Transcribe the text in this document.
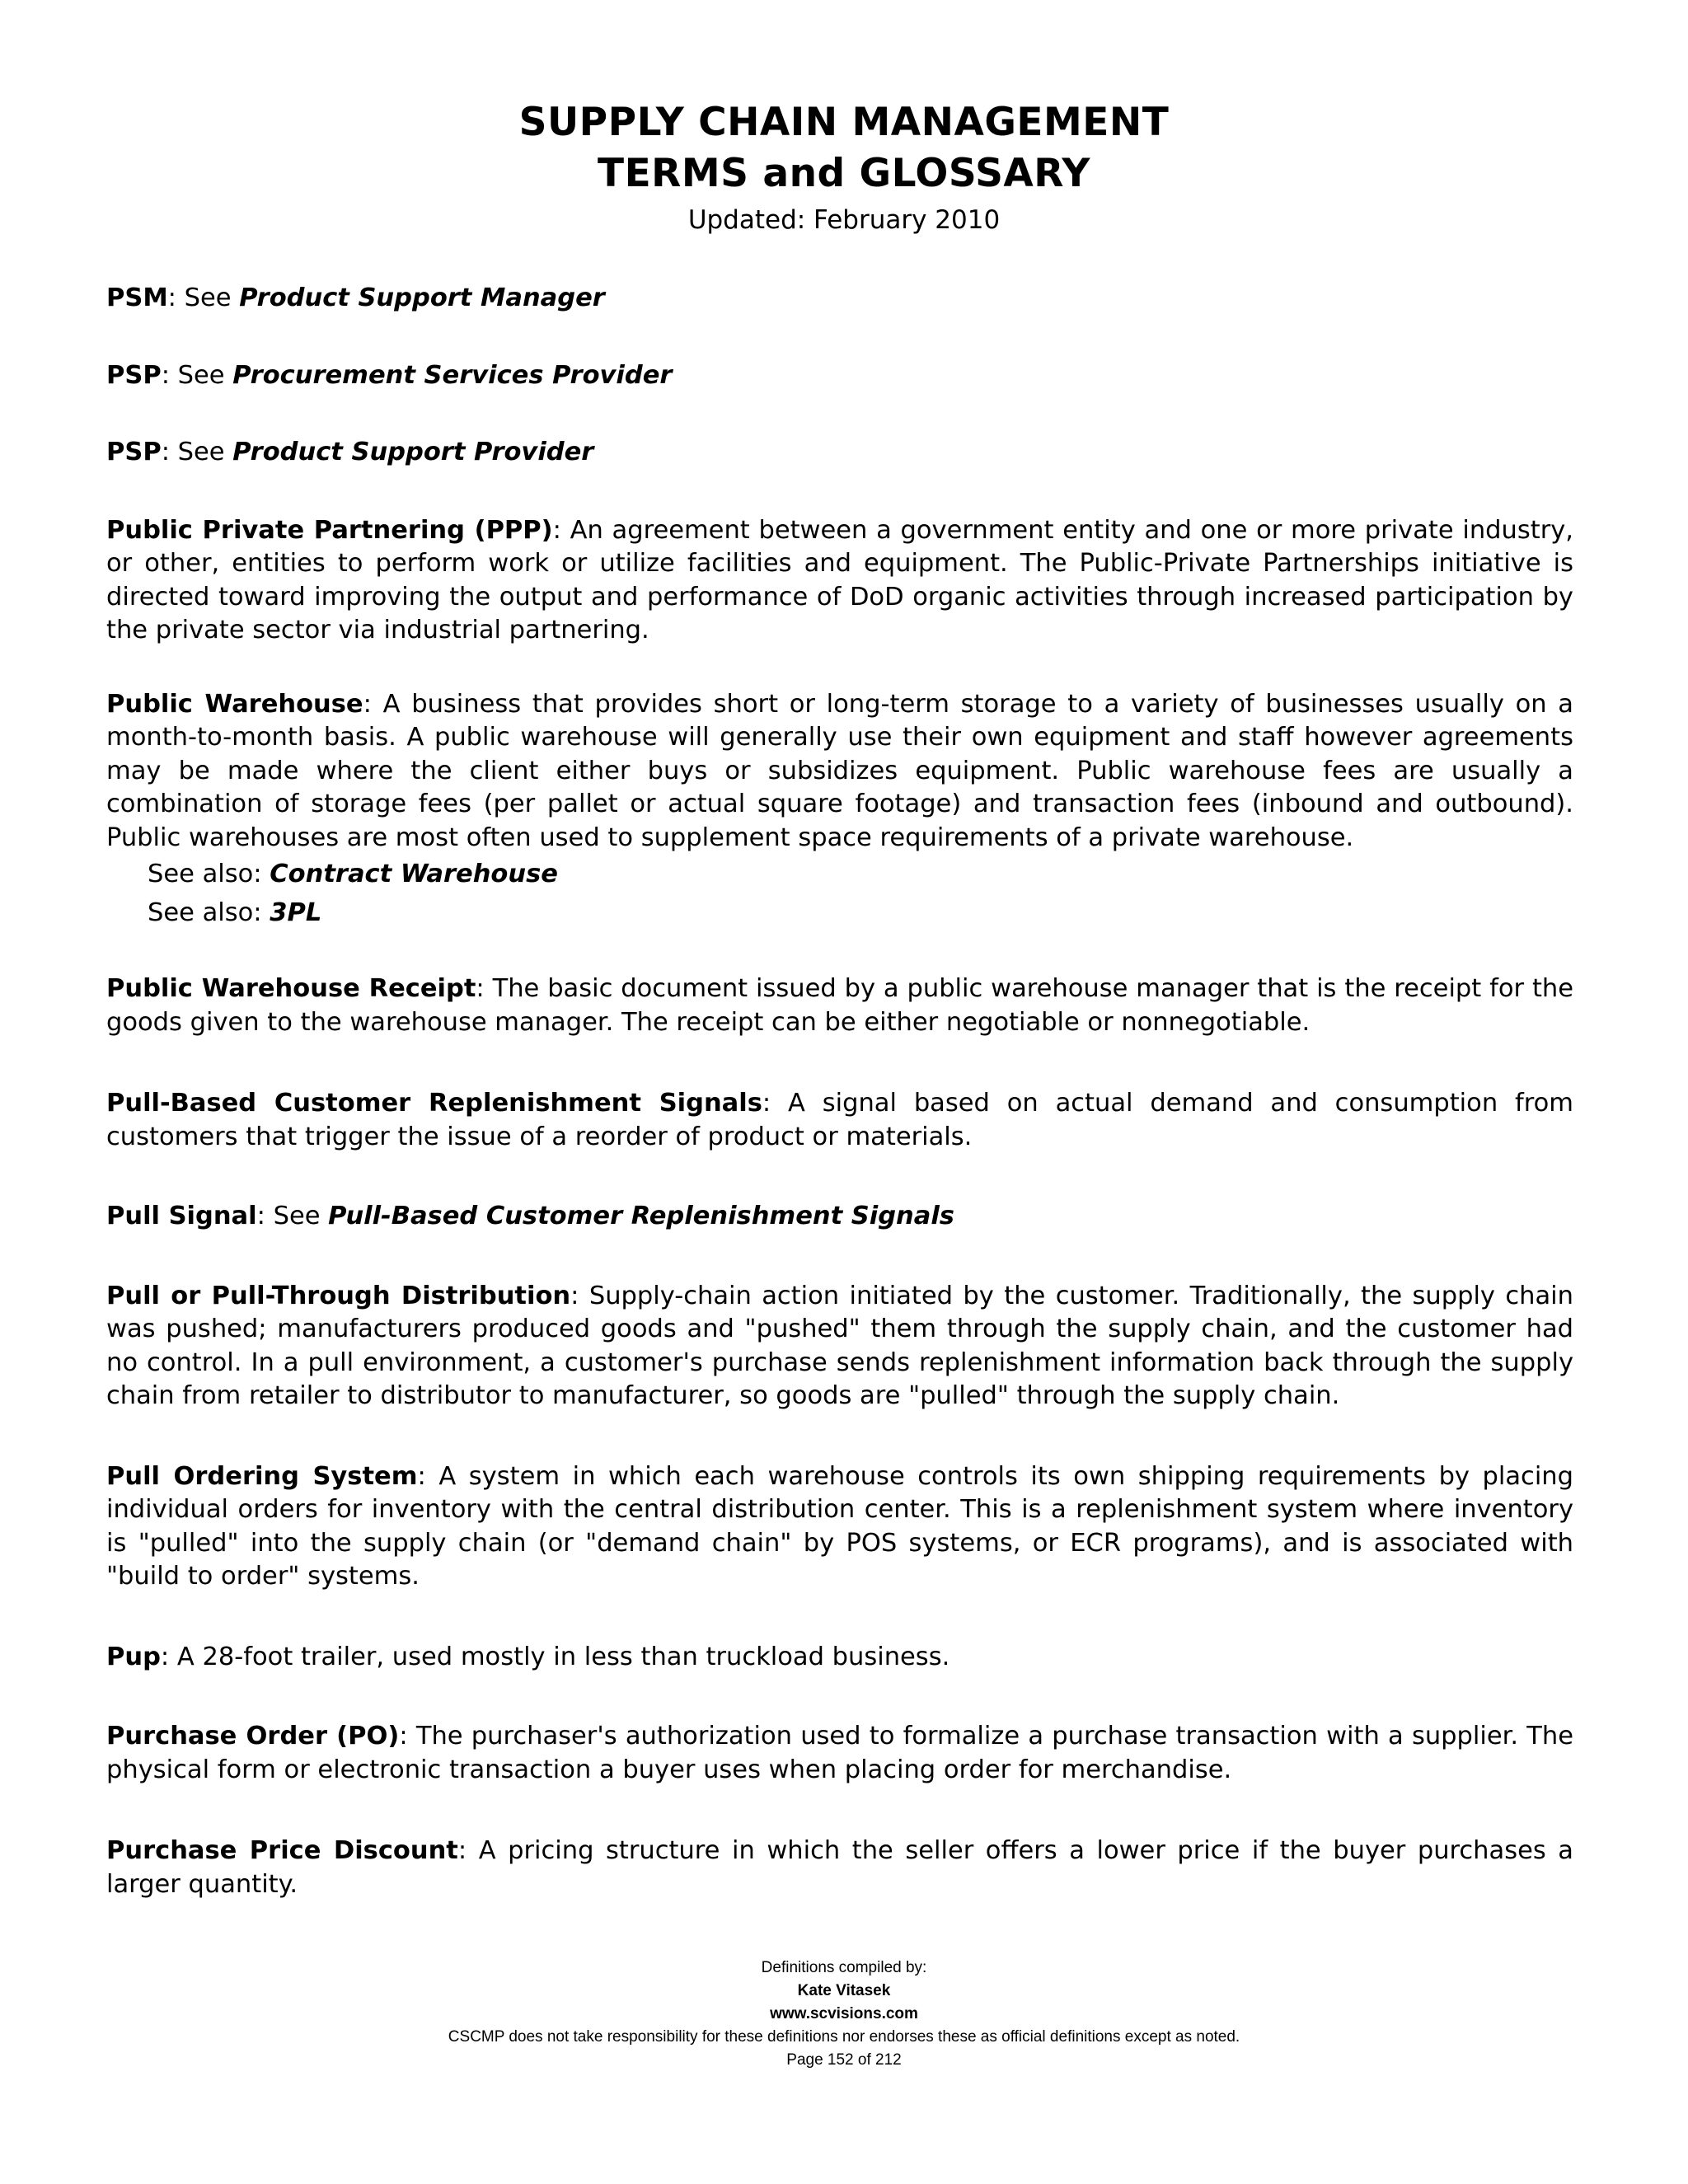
SUPPLY CHAIN MANAGEMENT
TERMS and GLOSSARY
Updated: February 2010

PSM: See Product Support Manager

PSP: See Procurement Services Provider

PSP: See Product Support Provider

Public Private Partnering (PPP): An agreement between a government entity and one or more private industry, or other, entities to perform work or utilize facilities and equipment. The Public-Private Partnerships initiative is directed toward improving the output and performance of DoD organic activities through increased participation by the private sector via industrial partnering.

Public Warehouse: A business that provides short or long-term storage to a variety of businesses usually on a month-to-month basis. A public warehouse will generally use their own equipment and staff however agreements may be made where the client either buys or subsidizes equipment. Public warehouse fees are usually a combination of storage fees (per pallet or actual square footage) and transaction fees (inbound and outbound). Public warehouses are most often used to supplement space requirements of a private warehouse.

See also: Contract Warehouse
See also: 3PL

Public Warehouse Receipt: The basic document issued by a public warehouse manager that is the receipt for the goods given to the warehouse manager. The receipt can be either negotiable or nonnegotiable.

Pull-Based Customer Replenishment Signals: A signal based on actual demand and consumption from customers that trigger the issue of a reorder of product or materials.

Pull Signal: See Pull-Based Customer Replenishment Signals

Pull or Pull-Through Distribution: Supply-chain action initiated by the customer. Traditionally, the supply chain was pushed; manufacturers produced goods and "pushed" them through the supply chain, and the customer had no control. In a pull environment, a customer's purchase sends replenishment information back through the supply chain from retailer to distributor to manufacturer, so goods are "pulled" through the supply chain.

Pull Ordering System: A system in which each warehouse controls its own shipping requirements by placing individual orders for inventory with the central distribution center. This is a replenishment system where inventory is "pulled" into the supply chain (or "demand chain" by POS systems, or ECR programs), and is associated with "build to order" systems.

Pup: A 28-foot trailer, used mostly in less than truckload business.

Purchase Order (PO): The purchaser's authorization used to formalize a purchase transaction with a supplier. The physical form or electronic transaction a buyer uses when placing order for merchandise.

Purchase Price Discount: A pricing structure in which the seller offers a lower price if the buyer purchases a larger quantity.

Definitions compiled by:
Kate Vitasek
www.scvisions.com
CSCMP does not take responsibility for these definitions nor endorses these as official definitions except as noted.
Page 152 of 212
